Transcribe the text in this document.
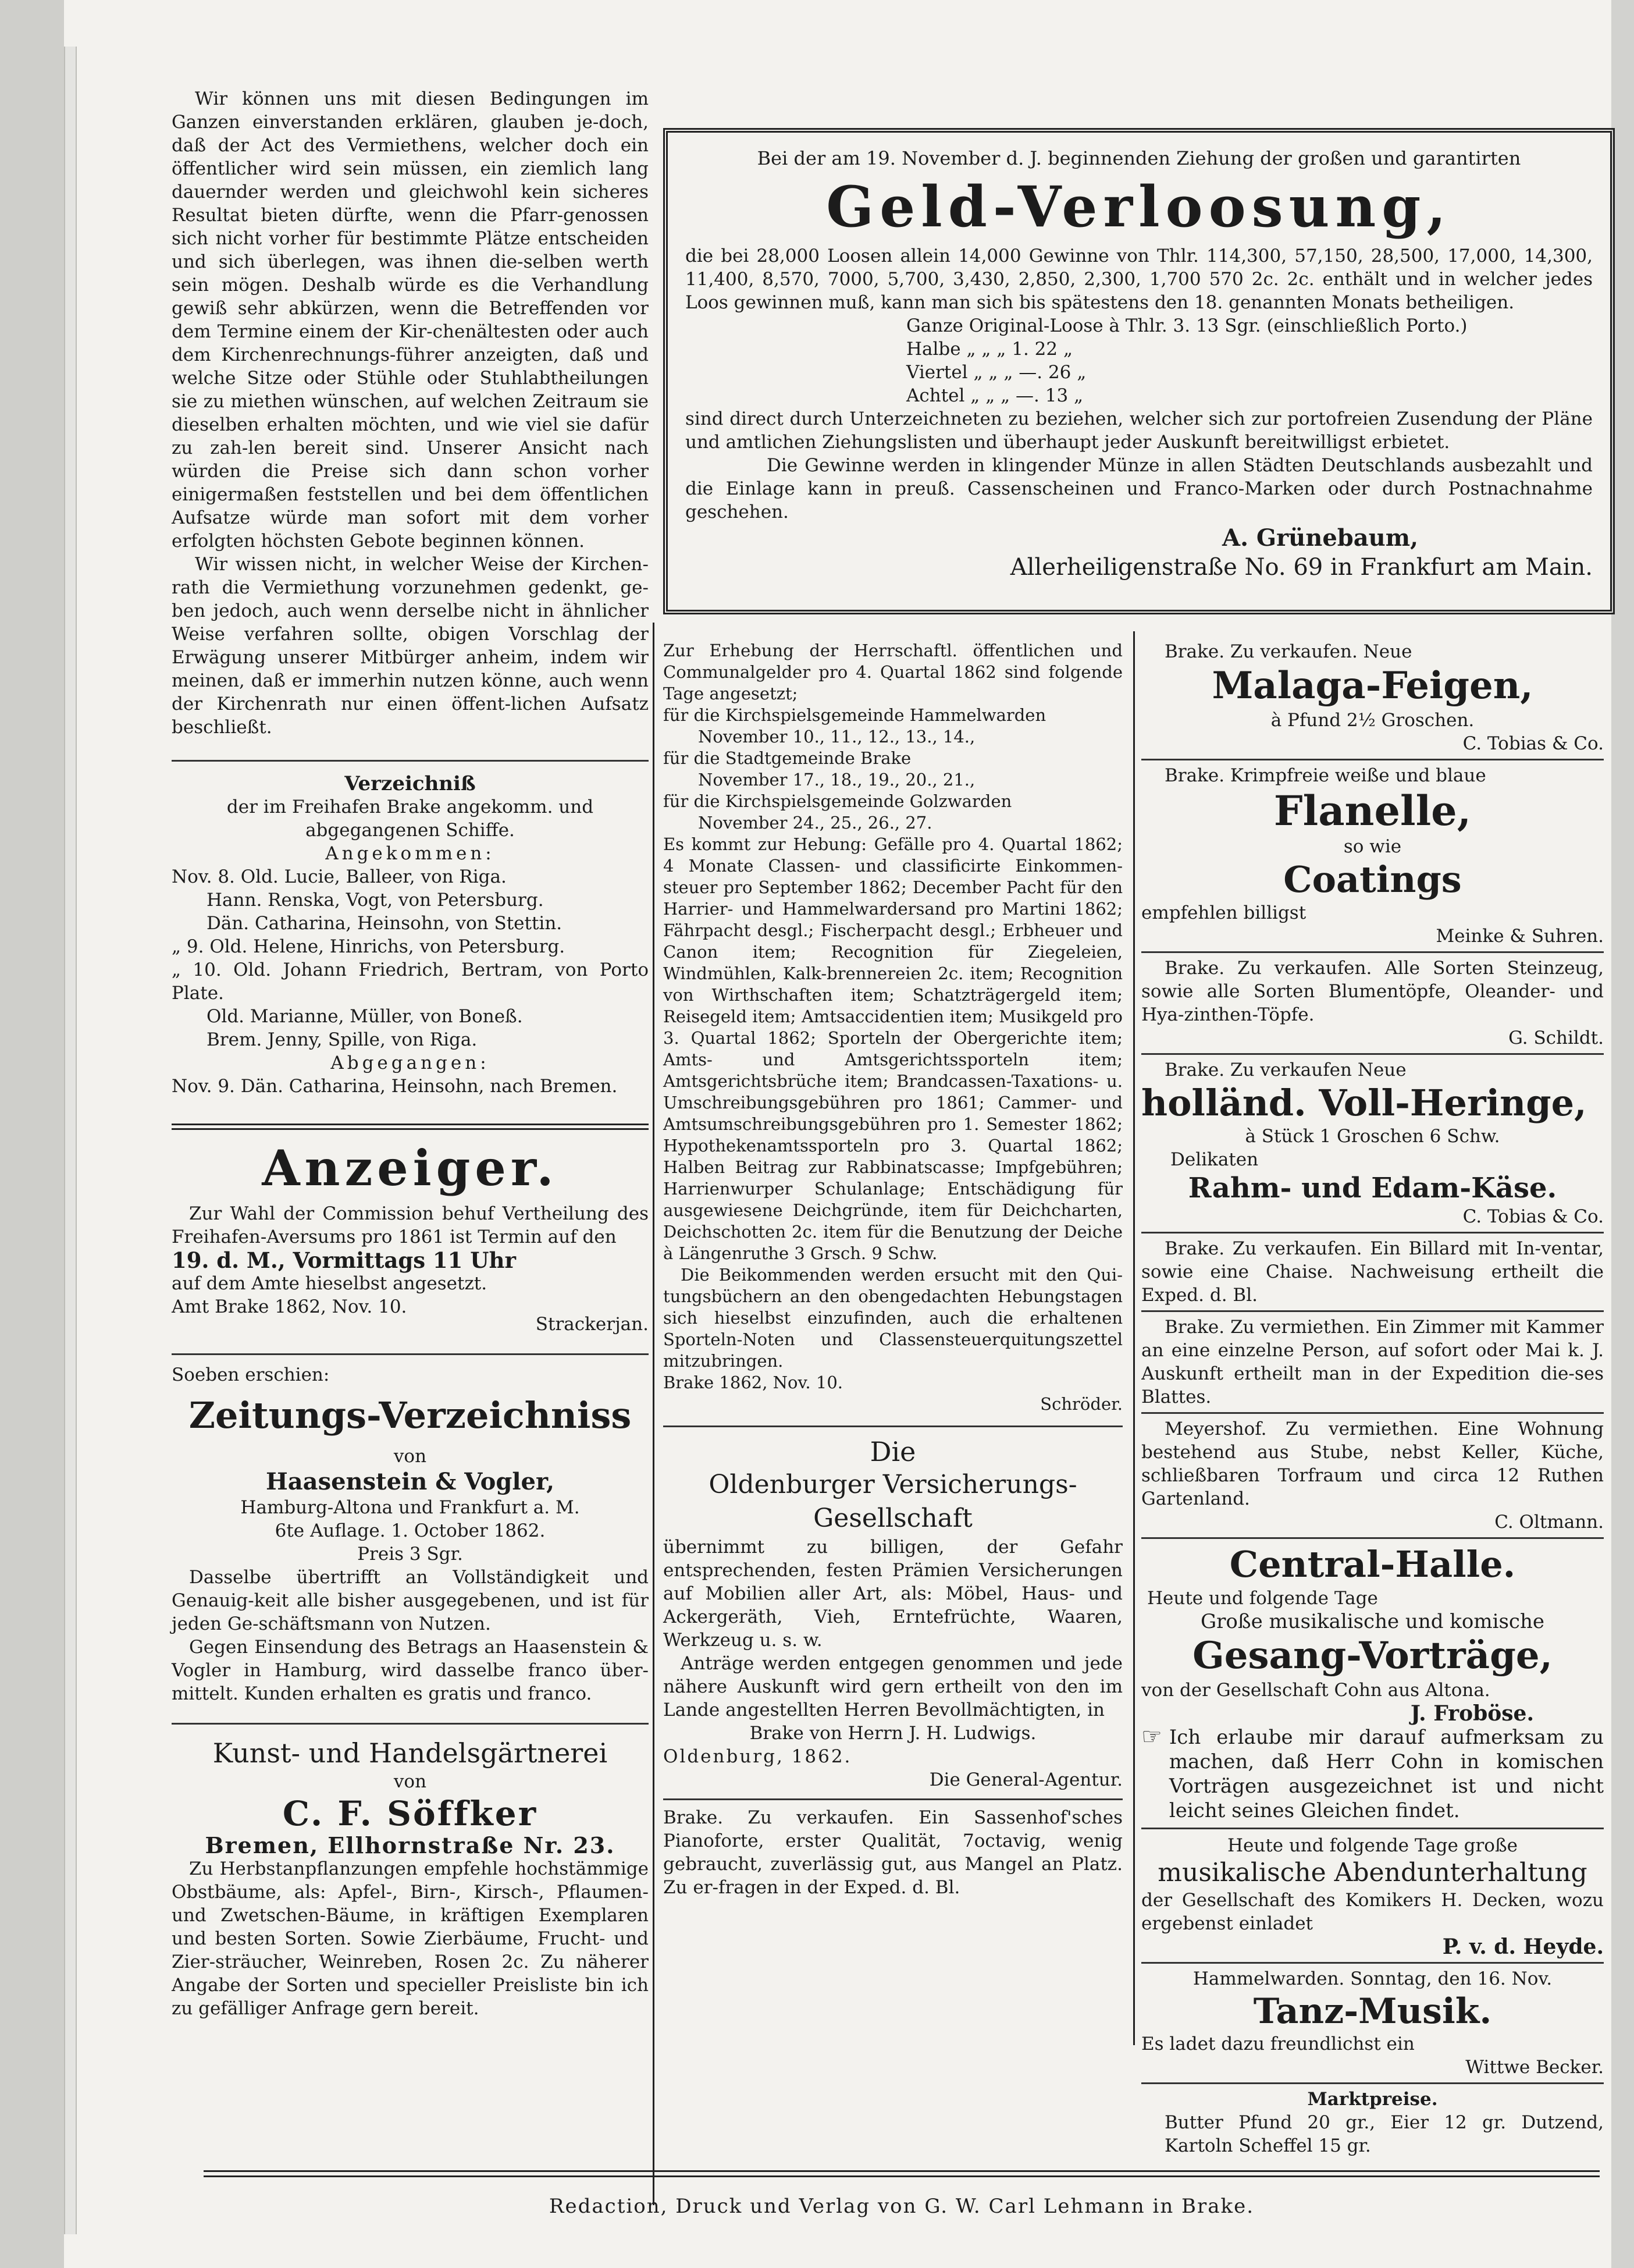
Wir können uns mit diesen Bedingungen im Ganzen einverstanden erklären, glauben je-doch, daß der Act des Vermiethens, welcher doch ein öffentlicher wird sein müssen, ein ziemlich lang dauernder werden und gleichwohl kein sicheres Resultat bieten dürfte, wenn die Pfarr-genossen sich nicht vorher für bestimmte Plätze entscheiden und sich überlegen, was ihnen die-selben werth sein mögen. Deshalb würde es die Verhandlung gewiß sehr abkürzen, wenn die Betreffenden vor dem Termine einem der Kir-chenältesten oder auch dem Kirchenrechnungs-führer anzeigten, daß und welche Sitze oder Stühle oder Stuhlabtheilungen sie zu miethen wünschen, auf welchen Zeitraum sie dieselben erhalten möchten, und wie viel sie dafür zu zah-len bereit sind. Unserer Ansicht nach würden die Preise sich dann schon vorher einigermaßen feststellen und bei dem öffentlichen Aufsatze würde man sofort mit dem vorher erfolgten höchsten Gebote beginnen können.

Wir wissen nicht, in welcher Weise der Kirchen-rath die Vermiethung vorzunehmen gedenkt, ge-ben jedoch, auch wenn derselbe nicht in ähnlicher Weise verfahren sollte, obigen Vorschlag der Erwägung unserer Mitbürger anheim, indem wir meinen, daß er immerhin nutzen könne, auch wenn der Kirchenrath nur einen öffent-lichen Aufsatz beschließt.

Verzeichniß

der im Freihafen Brake angekomm. und abgegangenen Schiffe.

Angekommen:

Nov. 8. Old. Lucie, Balleer, von Riga.

Hann. Renska, Vogt, von Petersburg.

Dän. Catharina, Heinsohn, von Stettin.

„ 9. Old. Helene, Hinrichs, von Petersburg.

„ 10. Old. Johann Friedrich, Bertram, von Porto Plate.

Old. Marianne, Müller, von Boneß.

Brem. Jenny, Spille, von Riga.

Abgegangen:

Nov. 9. Dän. Catharina, Heinsohn, nach Bremen.

Anzeiger.

Zur Wahl der Commission behuf Vertheilung des Freihafen-Aversums pro 1861 ist Termin auf den

19. d. M., Vormittags 11 Uhr

auf dem Amte hieselbst angesetzt.

Amt Brake 1862, Nov. 10.
Strackerjan.

Soeben erschien:

Zeitungs-Verzeichniss

von

Haasenstein & Vogler,

Hamburg-Altona und Frankfurt a. M.

6te Auflage. 1. October 1862.

Preis 3 Sgr.

Dasselbe übertrifft an Vollständigkeit und Genauig-keit alle bisher ausgegebenen, und ist für jeden Ge-schäftsmann von Nutzen.

Gegen Einsendung des Betrags an Haasenstein & Vogler in Hamburg, wird dasselbe franco über-mittelt. Kunden erhalten es gratis und franco.

Kunst- und Handelsgärtnerei

von

C. F. Söffker

Bremen, Ellhornstraße Nr. 23.

Zu Herbstanpflanzungen empfehle hochstämmige Obstbäume, als: Apfel-, Birn-, Kirsch-, Pflaumen- und Zwetschen-Bäume, in kräftigen Exemplaren und besten Sorten. Sowie Zierbäume, Frucht- und Zier-sträucher, Weinreben, Rosen 2c. Zu näherer Angabe der Sorten und specieller Preisliste bin ich zu gefälliger Anfrage gern bereit.

Bei der am 19. November d. J. beginnenden Ziehung der großen und garantirten

Geld-Verloosung,

die bei 28,000 Loosen allein 14,000 Gewinne von Thlr. 114,300, 57,150, 28,500, 17,000, 14,300, 11,400, 8,570, 7000, 5,700, 3,430, 2,850, 2,300, 1,700 570 2c. 2c. enthält und in welcher jedes Loos gewinnen muß, kann man sich bis spätestens den 18. genannten Monats betheiligen.

Ganze Original-Loose à Thlr. 3. 13 Sgr. (einschließlich Porto.)

Halbe „ „ „ 1. 22 „

Viertel „ „ „ —. 26 „

Achtel „ „ „ —. 13 „

sind direct durch Unterzeichneten zu beziehen, welcher sich zur portofreien Zusendung der Pläne und amtlichen Ziehungslisten und überhaupt jeder Auskunft bereitwilligst erbietet.

Die Gewinne werden in klingender Münze in allen Städten Deutschlands ausbezahlt und die Einlage kann in preuß. Cassenscheinen und Franco-Marken oder durch Postnachnahme geschehen.

A. Grünebaum,

Allerheiligenstraße No. 69 in Frankfurt am Main.

Zur Erhebung der Herrschaftl. öffentlichen und Communalgelder pro 4. Quartal 1862 sind folgende Tage angesetzt;

für die Kirchspielsgemeinde Hammelwarden

November 10., 11., 12., 13., 14.,

für die Stadtgemeinde Brake

November 17., 18., 19., 20., 21.,

für die Kirchspielsgemeinde Golzwarden

November 24., 25., 26., 27.

Es kommt zur Hebung: Gefälle pro 4. Quartal 1862; 4 Monate Classen- und classificirte Einkommen-steuer pro September 1862; December Pacht für den Harrier- und Hammelwardersand pro Martini 1862; Fährpacht desgl.; Fischerpacht desgl.; Erbheuer und Canon item; Recognition für Ziegeleien, Windmühlen, Kalk-brennereien 2c. item; Recognition von Wirthschaften item; Schatzträgergeld item; Reisegeld item; Amtsaccidentien item; Musikgeld pro 3. Quartal 1862; Sporteln der Obergerichte item; Amts- und Amtsgerichtssporteln item; Amtsgerichtsbrüche item; Brandcassen-Taxations- u. Umschreibungsgebühren pro 1861; Cammer- und Amtsumschreibungsgebühren pro 1. Semester 1862; Hypothekenamtssporteln pro 3. Quartal 1862; Halben Beitrag zur Rabbinatscasse; Impfgebühren; Harrienwurper Schulanlage; Entschädigung für ausgewiesene Deichgründe, item für Deichcharten, Deichschotten 2c. item für die Benutzung der Deiche à Längenruthe 3 Grsch. 9 Schw.

Die Beikommenden werden ersucht mit den Qui-tungsbüchern an den obengedachten Hebungstagen sich hieselbst einzufinden, auch die erhaltenen Sporteln-Noten und Classensteuerquitungszettel mitzubringen.

Brake 1862, Nov. 10.

Schröder.

Die

Oldenburger Versicherungs-Gesellschaft

übernimmt zu billigen, der Gefahr entsprechenden, festen Prämien Versicherungen auf Mobilien aller Art, als: Möbel, Haus- und Ackergeräth, Vieh, Erntefrüchte, Waaren, Werkzeug u. s. w.

Anträge werden entgegen genommen und jede nähere Auskunft wird gern ertheilt von den im Lande angestellten Herren Bevollmächtigten, in

Brake von Herrn J. H. Ludwigs.

Oldenburg, 1862.

Die General-Agentur.

Brake. Zu verkaufen. Ein Sassenhof'sches Pianoforte, erster Qualität, 7octavig, wenig gebraucht, zuverlässig gut, aus Mangel an Platz. Zu er-fragen in der Exped. d. Bl.

Brake. Zu verkaufen. Neue

Malaga-Feigen,

à Pfund 2½ Groschen.

C. Tobias & Co.

Brake. Krimpfreie weiße und blaue

Flanelle,

so wie

Coatings

empfehlen billigst

Meinke & Suhren.

Brake. Zu verkaufen. Alle Sorten Steinzeug, sowie alle Sorten Blumentöpfe, Oleander- und Hya-zinthen-Töpfe.

G. Schildt.

Brake. Zu verkaufen Neue

holländ. Voll-Heringe,

à Stück 1 Groschen 6 Schw.

Delikaten

Rahm- und Edam-Käse.

C. Tobias & Co.

Brake. Zu verkaufen. Ein Billard mit In-ventar, sowie eine Chaise. Nachweisung ertheilt die Exped. d. Bl.

Brake. Zu vermiethen. Ein Zimmer mit Kammer an eine einzelne Person, auf sofort oder Mai k. J. Auskunft ertheilt man in der Expedition die-ses Blattes.

Meyershof. Zu vermiethen. Eine Wohnung bestehend aus Stube, nebst Keller, Küche, schließbaren Torfraum und circa 12 Ruthen Gartenland.

C. Oltmann.

Central-Halle.

Heute und folgende Tage

Große musikalische und komische

Gesang-Vorträge,

von der Gesellschaft Cohn aus Altona.

J. Froböse.

☞ Ich erlaube mir darauf aufmerksam zu machen, daß Herr Cohn in komischen Vorträgen ausgezeichnet ist und nicht leicht seines Gleichen findet.

Heute und folgende Tage große

musikalische Abendunterhaltung

der Gesellschaft des Komikers H. Decken, wozu ergebenst einladet

P. v. d. Heyde.

Hammelwarden. Sonntag, den 16. Nov.

Tanz-Musik.

Es ladet dazu freundlichst ein

Wittwe Becker.

Marktpreise.

Butter Pfund 20 gr., Eier 12 gr. Dutzend, Kartoln Scheffel 15 gr.

Redaction, Druck und Verlag von G. W. Carl Lehmann in Brake.
